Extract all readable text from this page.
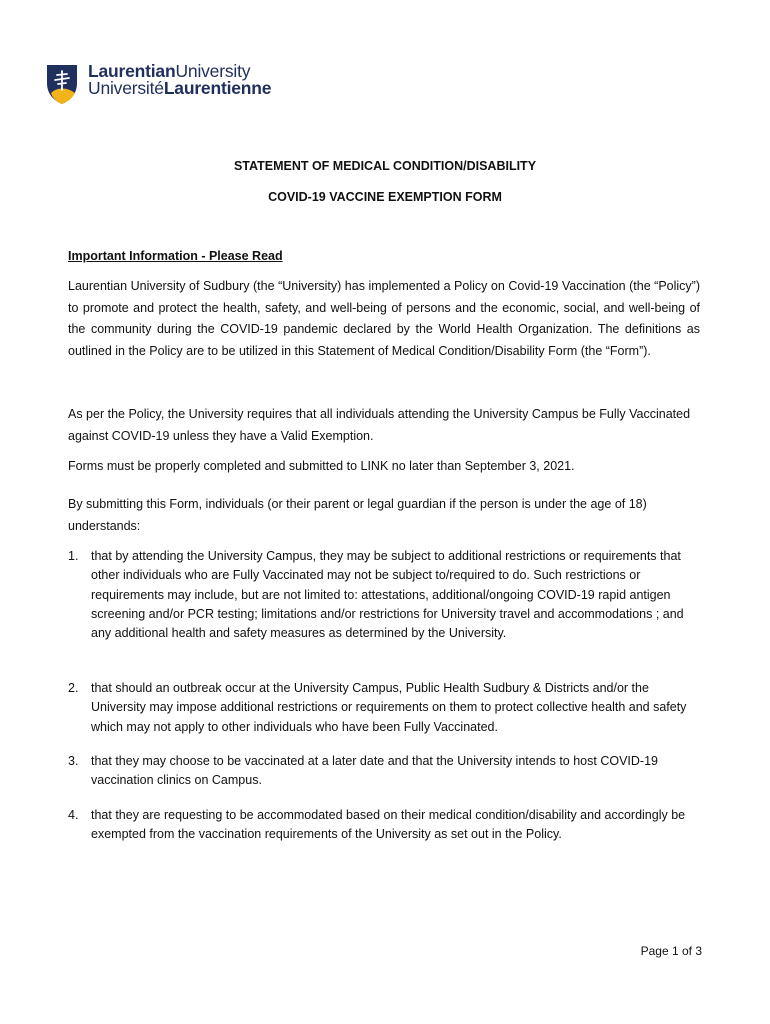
LaurentianUniversity
UniversitéLaurentienne
STATEMENT OF MEDICAL CONDITION/DISABILITY
COVID-19 VACCINE EXEMPTION FORM
Important Information - Please Read

Laurentian University of Sudbury (the “University) has implemented a Policy on Covid-19 Vaccination (the “Policy”) to promote and protect the health, safety, and well-being of persons and the economic, social, and well-being of the community during the COVID-19 pandemic declared by the World Health Organization. The definitions as outlined in the Policy are to be utilized in this Statement of Medical Condition/Disability Form (the “Form”).

As per the Policy, the University requires that all individuals attending the University Campus be Fully Vaccinated against COVID-19 unless they have a Valid Exemption.

Forms must be properly completed and submitted to LINK no later than September 3, 2021.

By submitting this Form, individuals (or their parent or legal guardian if the person is under the age of 18) understands:

1.	that by attending the University Campus, they may be subject to additional restrictions or requirements that other individuals who are Fully Vaccinated may not be subject to/required to do. Such restrictions or requirements may include, but are not limited to: attestations, additional/ongoing COVID-19 rapid antigen screening and/or PCR testing; limitations and/or restrictions for University travel and accommodations ; and any additional health and safety measures as determined by the University.
2.	that should an outbreak occur at the University Campus, Public Health Sudbury & Districts and/or the University may impose additional restrictions or requirements on them to protect collective health and safety which may not apply to other individuals who have been Fully Vaccinated.
3.	that they may choose to be vaccinated at a later date and that the University intends to host COVID-19 vaccination clinics on Campus.
4.	that they are requesting to be accommodated based on their medical condition/disability and accordingly be exempted from the vaccination requirements of the University as set out in the Policy.
Page 1 of 3
